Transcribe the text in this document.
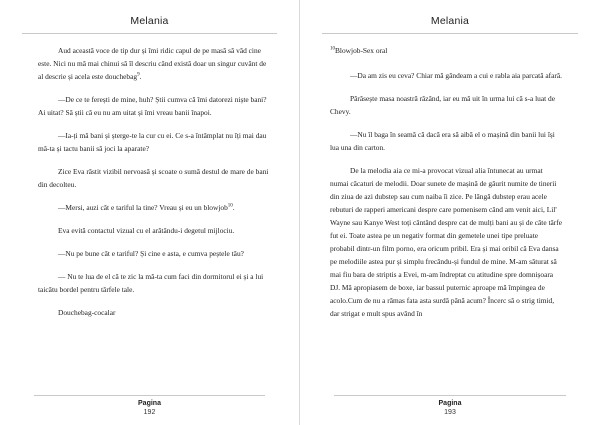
Melania

Aud această voce de tip dur și îmi ridic capul de pe masă să văd cine este. Nici nu mă mai chinui să îl descriu când există doar un singur cuvânt de al descrie și acela este douchebag$^9$.

—De ce te ferești de mine, huh? Știi cumva că îmi datorezi niște bani? Ai uitat? Să știi că eu nu am uitat și îmi vreau banii înapoi.

—Ia-ți mâ bani și șterge-te la cur cu ei. Ce s-a întâmplat nu îți mai dau mâ-ta și tactu banii să joci la aparate?

Zice Eva răstit vizibil nervoasă și scoate o sumă destul de mare de bani din decolteu.

—Mersi, auzi cât e tariful la tine? Vreau și eu un blowjob$^{10}$.

Eva evită contactul vizual cu el arătându-i degetul mijlociu.

—Nu pe bune cât e tariful? Și cine e asta, e cumva peștele tău?

— Nu te lua de el că te zic la mă-ta cum faci din dormitorul ei și a lui taicătu bordel pentru târfele tale.

Douchebag-cocalar

Pagina
192
Melania

$^{10}$Blowjob-Sex oral

—Da am zis eu ceva? Chiar mă gândeam a cui e rabla aia parcată afară.

Părăsește masa noastră râzând, iar eu mă uit în urma lui că s-a luat de Chevy.

—Nu îl baga în seamă că dacă era să aibă el o mașină din banii lui își lua una din carton.

De la melodia aia ce mi-a provocat vizual alia întunecat au urmat numai căcaturi de melodii. Doar sunete de mașină de gâurit numite de tinerii din ziua de azi dubstep sau cum naiba îi zice. Pe lângă dubstep erau acele rebuturi de rapperi americani despre care pomenisem când am venit aici, Lil' Wayne sau Kanye West toți cântând despre cat de mulți bani au și de câte târfe fut ei. Toate astea pe un negativ format din gemetele unei tipe preluate probabil dintr-un film porno, era oricum pribil. Era și mai oribil că Eva dansa pe melodiile astea pur și simplu frecându-și fundul de mine. M-am săturat să mai fiu bara de striptis a Evei, m-am îndreptat cu atitudine spre domnișoara DJ. Mă apropiasem de boxe, iar bassul puternic aproape mă împingea de acolo.Cum de nu a rămas fata asta surdă până acum? Încerc să o strig timid, dar strigat e mult spus având în

Pagina
193
